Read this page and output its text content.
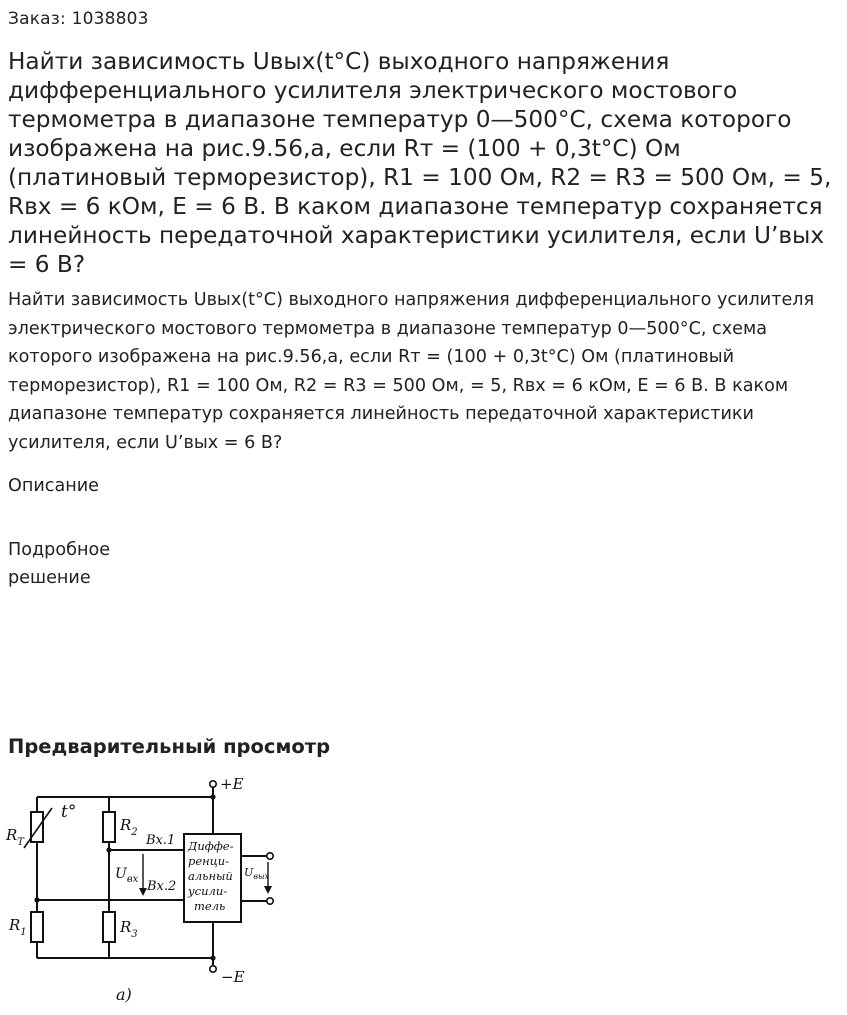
Заказ: 1038803
Найти зависимость Uвых(t°C) выходного напряжения дифференциального усилителя электрического мостового термометра в диапазоне температур 0—500°С, схема которого изображена на рис.9.56,а, если Rт = (100 + 0,3t°C) Ом (платиновый терморезистор), R1 = 100 Ом, R2 = R3 = 500 Ом, = 5, Rвх = 6 кОм, Е = 6 В. В каком диапазоне температур сохраняется линейность передаточной характеристики усилителя, если U’вых = 6 В?

Найти зависимость Uвых(t°C) выходного напряжения дифференциального усилителя электрического мостового термометра в диапазоне температур 0—500°С, схема которого изображена на рис.9.56,а, если Rт = (100 + 0,3t°C) Ом (платиновый терморезистор), R1 = 100 Ом, R2 = R3 = 500 Ом, = 5, Rвх = 6 кОм, Е = 6 В. В каком диапазоне температур сохраняется линейность передаточной характеристики усилителя, если U’вых = 6 В?

Описание
Подробное решение
Предварительный просмотр
+E
−E
t°
$R_T$
$R_2$
$R_1$	$R_3$
Вх.1
Вх.2
$U_{вх}$
Диффе-
ренци-
альный
усили-
тель
$U_{вых}$
а)
